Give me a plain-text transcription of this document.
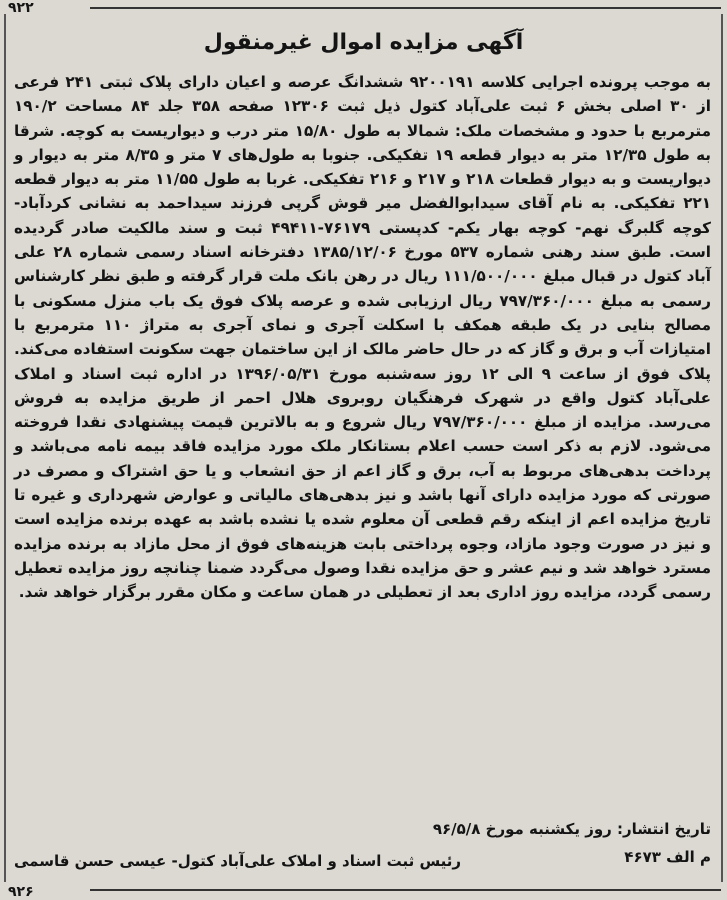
۹۲۲
آگهی مزایده اموال غیرمنقول
به موجب پرونده اجرایی کلاسه ۹۲۰۰۱۹۱ ششدانگ عرصه و اعیان دارای پلاک ثبتی ۲۴۱ فرعی از ۳۰ اصلی بخش ۶ ثبت علی‌آباد کتول ذیل ثبت ۱۲۳۰۶ صفحه ۳۵۸ جلد ۸۴ مساحت ۱۹۰/۲ مترمربع با حدود و مشخصات ملک: شمالا به طول ۱۵/۸۰ متر درب و دیواریست به کوچه. شرقا به طول ۱۲/۳۵ متر به دیوار قطعه ۱۹ تفکیکی. جنوبا به طول‌های ۷ متر و ۸/۳۵ متر به دیوار و دیواریست و به دیوار قطعات ۲۱۸ و ۲۱۷ و ۲۱۶ تفکیکی. غربا به طول ۱۱/۵۵ متر به دیوار قطعه ۲۲۱ تفکیکی. به نام آقای سیدابوالفضل میر قوش گرپی فرزند سیداحمد به نشانی کردآباد- کوچه گلبرگ نهم- کوچه بهار یکم- کدپستی ۷۶۱۷۹-۴۹۴۱۱ ثبت و سند مالکیت صادر گردیده است. طبق سند رهنی شماره ۵۳۷ مورخ ۱۳۸۵/۱۲/۰۶ دفترخانه اسناد رسمی شماره ۲۸ علی آباد کتول در قبال مبلغ ۱۱۱/۵۰۰/۰۰۰ ریال در رهن بانک ملت قرار گرفته و طبق نظر کارشناس رسمی به مبلغ ۷۹۷/۳۶۰/۰۰۰ ریال ارزیابی شده و عرصه پلاک فوق یک باب منزل مسکونی با مصالح بنایی در یک طبقه همکف با اسکلت آجری و نمای آجری به متراژ ۱۱۰ مترمربع با امتیازات آب و برق و گاز که در حال حاضر مالک از این ساختمان جهت سکونت استفاده می‌کند. پلاک فوق از ساعت ۹ الی ۱۲ روز سه‌شنبه مورخ ۱۳۹۶/۰۵/۳۱ در اداره ثبت اسناد و املاک علی‌آباد کتول واقع در شهرک فرهنگیان روبروی هلال احمر از طریق مزایده به فروش می‌رسد. مزایده از مبلغ ۷۹۷/۳۶۰/۰۰۰ ریال شروع و به بالاترین قیمت پیشنهادی نقدا فروخته می‌شود. لازم به ذکر است حسب اعلام بستانکار ملک مورد مزایده فاقد بیمه نامه می‌باشد و پرداخت بدهی‌های مربوط به آب، برق و گاز اعم از حق انشعاب و یا حق اشتراک و مصرف در صورتی که مورد مزایده دارای آنها باشد و نیز بدهی‌های مالیاتی و عوارض شهرداری و غیره تا تاریخ مزایده اعم از اینکه رقم قطعی آن معلوم شده یا نشده باشد به عهده برنده مزایده است و نیز در صورت وجود مازاد، وجوه پرداختی بابت هزینه‌های فوق از محل مازاد به برنده مزایده مسترد خواهد شد و نیم عشر و حق مزایده نقدا وصول می‌گردد ضمنا چنانچه روز مزایده تعطیل رسمی گردد، مزایده روز اداری بعد از تعطیلی در همان ساعت و مکان مقرر برگزار خواهد شد.
تاریخ انتشار: روز یکشنبه مورخ ۹۶/۵/۸
م الف ۴۶۷۳
رئیس ثبت اسناد و املاک علی‌آباد کتول- عیسی حسن قاسمی
۹۲۶
